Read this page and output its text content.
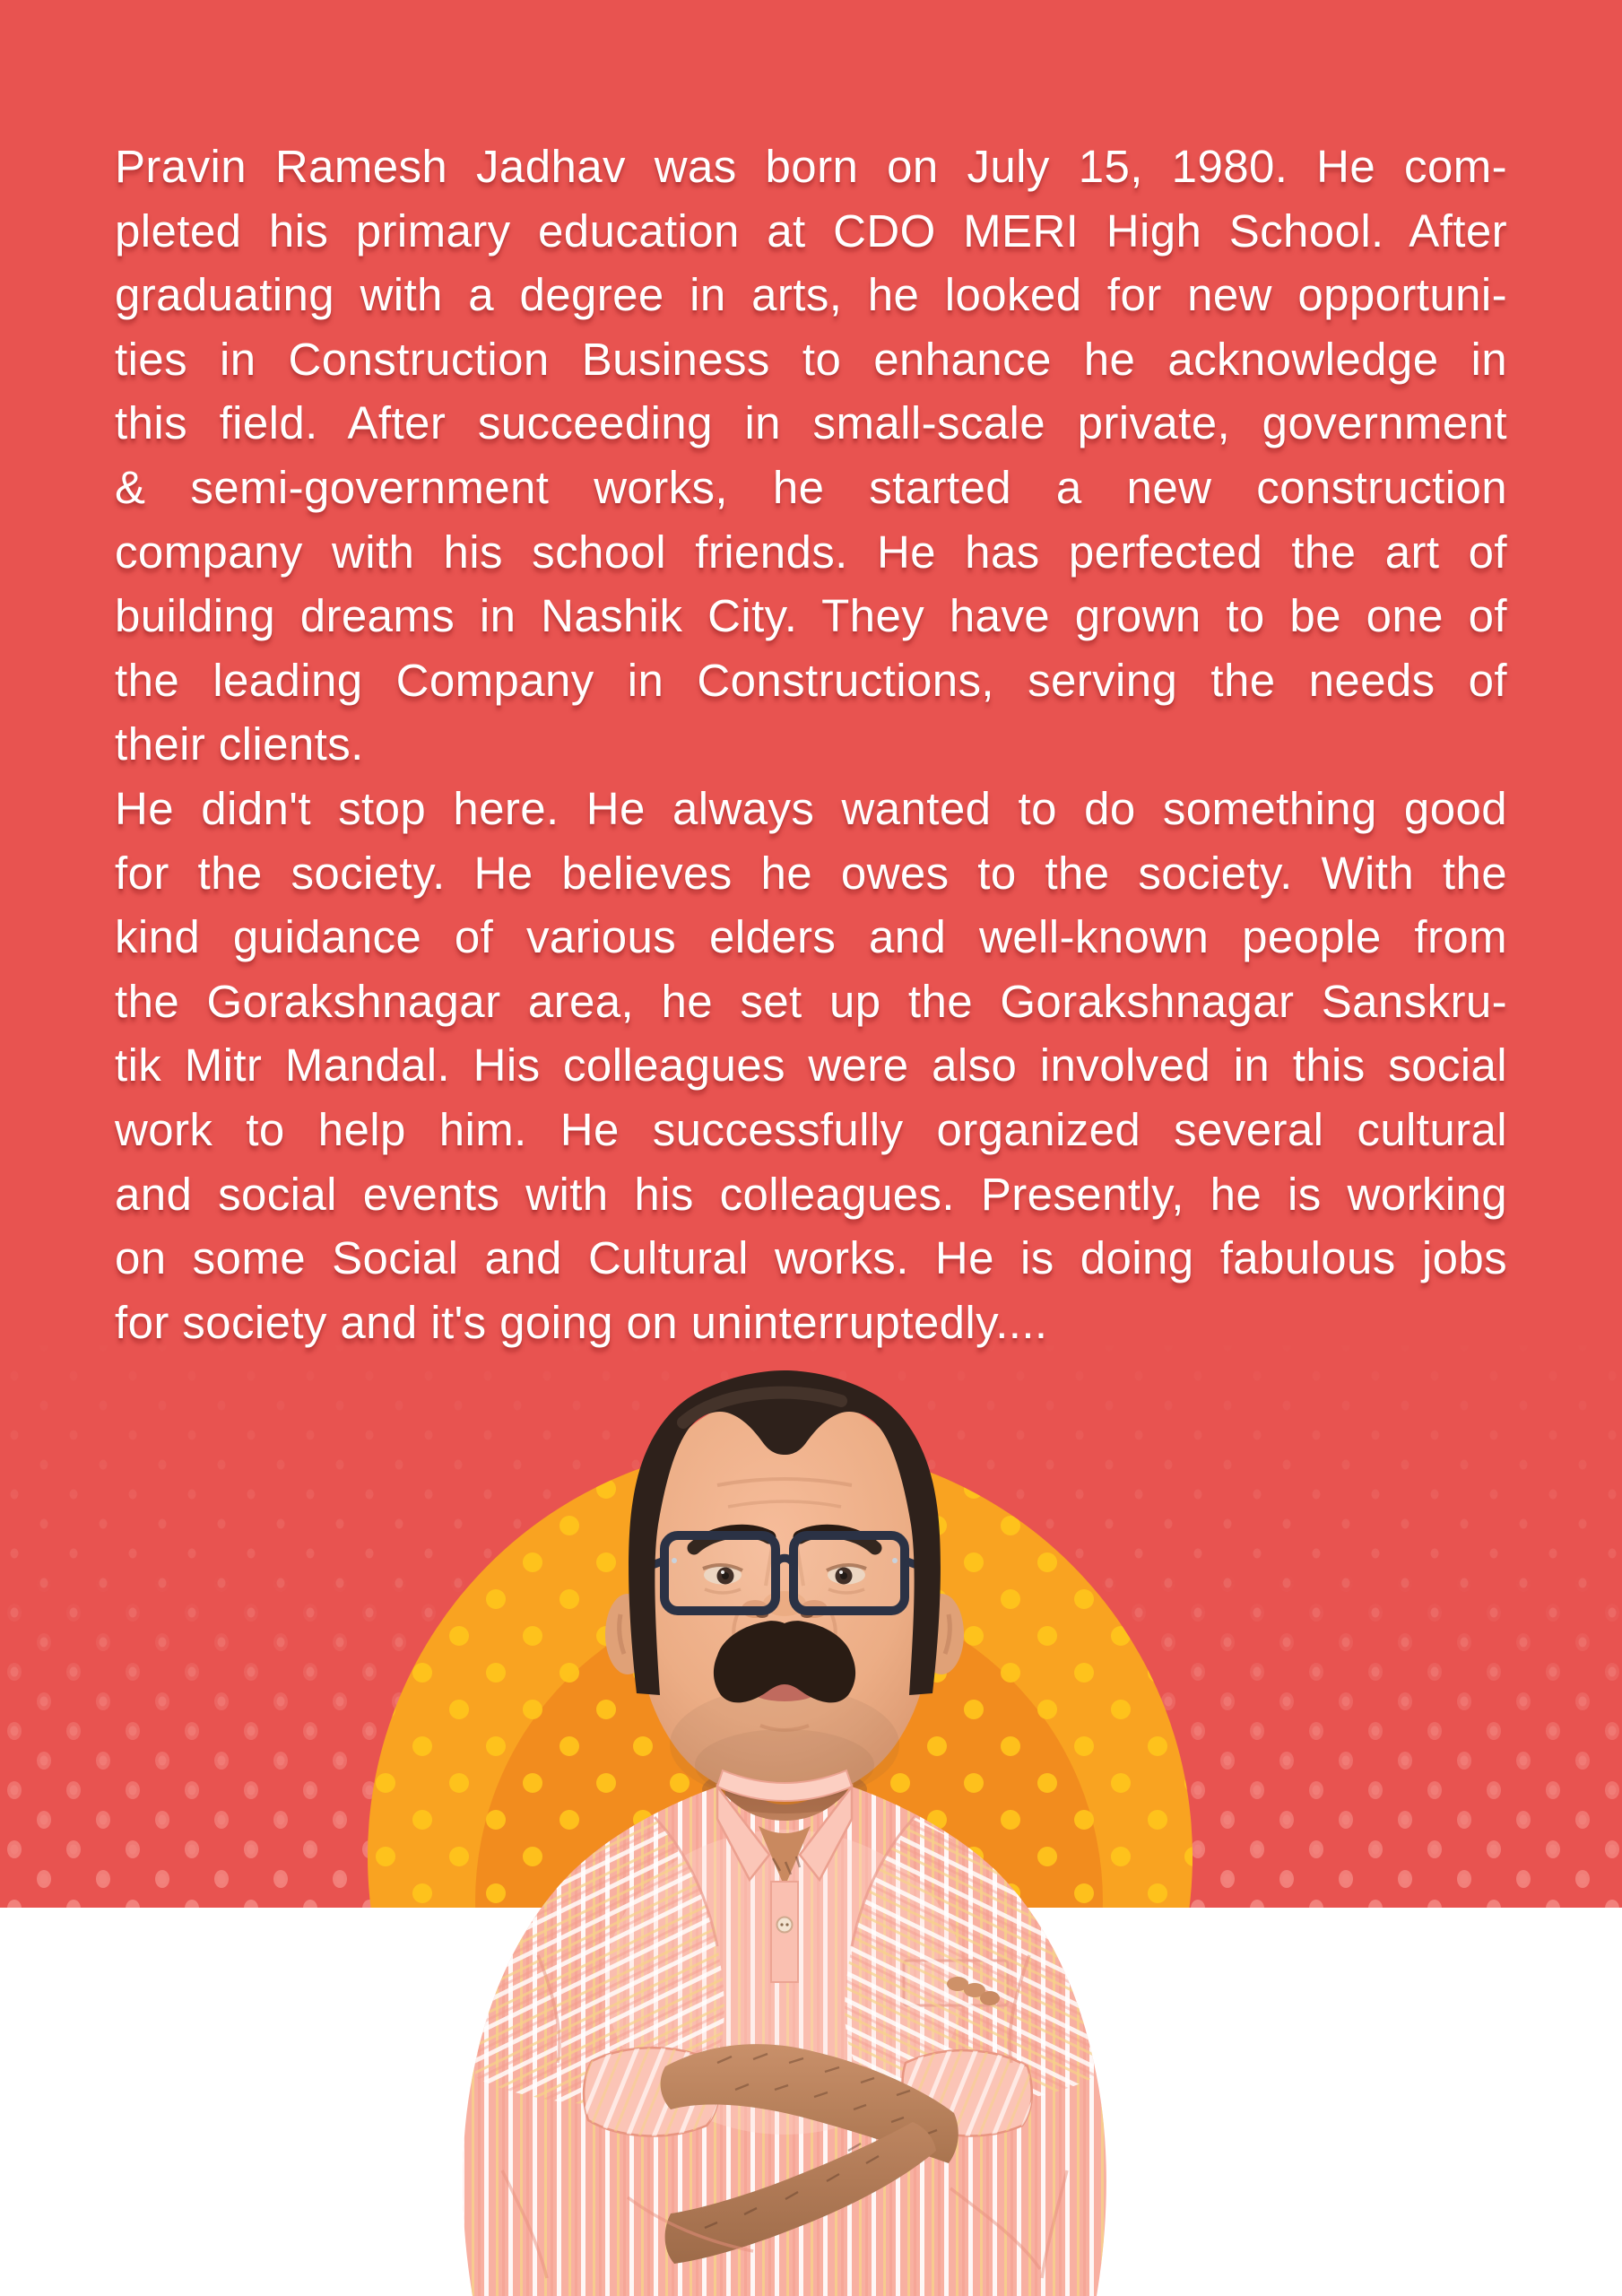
Pravin Ramesh Jadhav was born on July 15, 1980. He com-
pleted his primary education at CDO MERI High School. After
graduating with a degree in arts, he looked for new opportuni-
ties in Construction Business to enhance he acknowledge in
this field. After succeeding in small-scale private, government
& semi-government works, he started a new construction
company with his school friends. He has perfected the art of
building dreams in Nashik City. They have grown to be one of
the leading Company in Constructions, serving the needs of
their clients.
He didn't stop here. He always wanted to do something good
for the society. He believes he owes to the society. With the
kind guidance of various elders and well-known people from
the Gorakshnagar area, he set up the Gorakshnagar Sanskru-
tik Mitr Mandal. His colleagues were also involved in this social
work to help him. He successfully organized several cultural
and social events with his colleagues. Presently, he is working
on some Social and Cultural works. He is doing fabulous jobs
for society and it's going on uninterruptedly....
